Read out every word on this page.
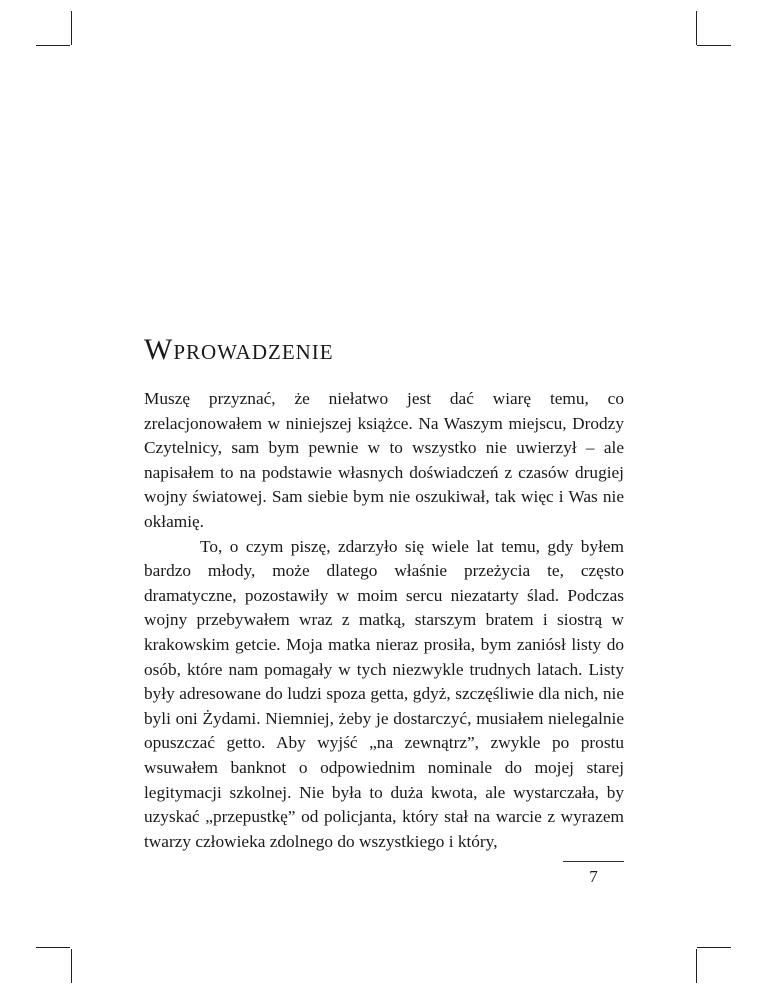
Wprowadzenie

Muszę przyznać, że niełatwo jest dać wiarę temu, co zrelacjonowałem w niniejszej książce. Na Waszym miejscu, Drodzy Czytelnicy, sam bym pewnie w to wszystko nie uwierzył – ale napisałem to na podstawie własnych doświadczeń z czasów drugiej wojny światowej. Sam siebie bym nie oszukiwał, tak więc i Was nie okłamię.

To, o czym piszę, zdarzyło się wiele lat temu, gdy byłem bardzo młody, może dlatego właśnie przeżycia te, często dramatyczne, pozostawiły w moim sercu niezatarty ślad. Podczas wojny przebywałem wraz z matką, starszym bratem i siostrą w krakowskim getcie. Moja matka nieraz prosiła, bym zaniósł listy do osób, które nam pomagały w tych niezwykle trudnych latach. Listy były adresowane do ludzi spoza getta, gdyż, szczęśliwie dla nich, nie byli oni Żydami. Niemniej, żeby je dostarczyć, musiałem nielegalnie opuszczać getto. Aby wyjść „na zewnątrz”, zwykle po prostu wsuwałem banknot o odpowiednim nominale do mojej starej legitymacji szkolnej. Nie była to duża kwota, ale wystarczała, by uzyskać „przepustkę” od policjanta, który stał na warcie z wyrazem twarzy człowieka zdolnego do wszystkiego i który,

7
